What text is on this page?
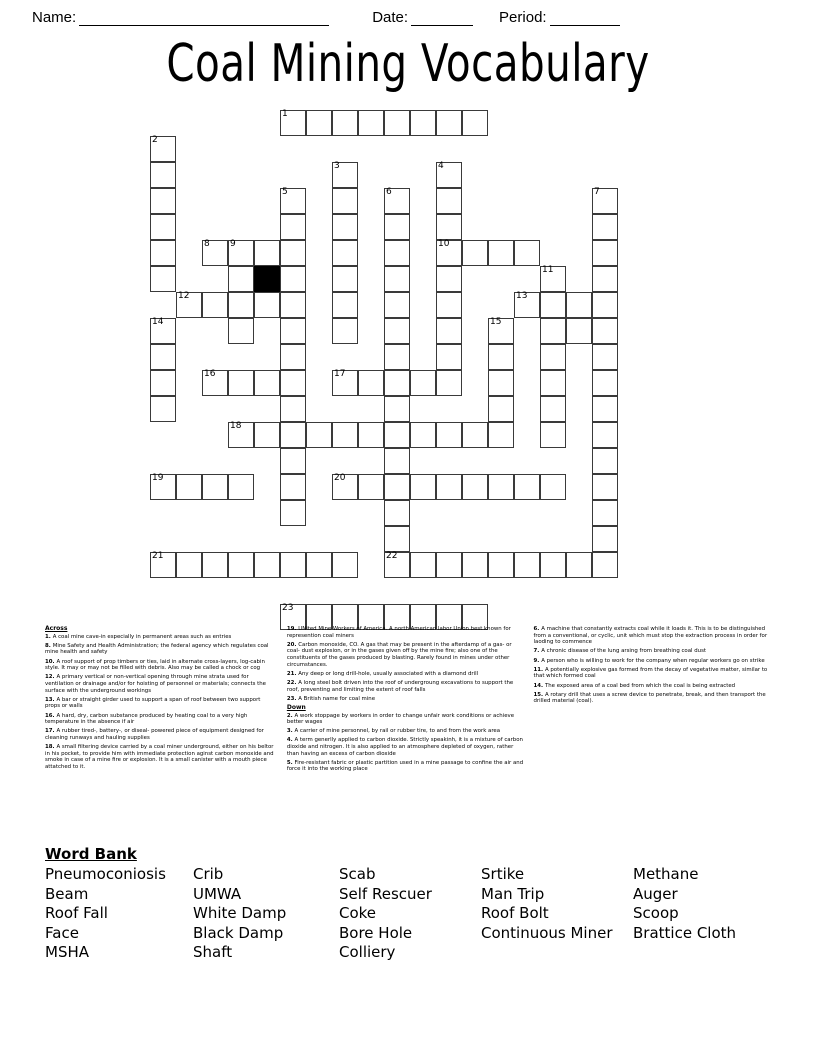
Name:	Date:	Period:
Coal Mining Vocabulary
1
2
3	4
5	6	7
8 9	10
11
12	13
14	15
16	17
18
19	20
21	22
23
Across
1. A coal mine cave-in especially in permanent areas such as entries
8. Mine Safety and Health Administration; the federal agency which regulates coal mine health and safety
10. A roof support of prop timbers or ties, laid in alternate cross-layers, log-cabin style. It may or may not be filled with debris. Also may be called a chock or cog
12. A primary vertical or non-vertical opening through mine strata used for ventilation or drainage and/or for hoisting of personnel or materials; connects the surface with the underground workings
13. A bar or straight girder used to support a span of roof between two support props or walls
16. A hard, dry, carbon substance produced by heating coal to a very high temperature in the absence if air
17. A rubber tired-, battery-, or diseal- powered piece of equipment designed for cleaning runways and hauling supplies
18. A small filtering device carried by a coal miner underground, either on his beltor in his pocket, to provide him with immediate protection aginst carbon monoxide and smoke in case of a mine fire or explosion. It is a small canister with a mouth piece attatched to it.
19. UNited Mine Workers of America. A north American labor Union best known for represention coal miners
20. Carbon monoxide, CO. A gas that may be present in the afterdamp of a gas- or coal- dust explosion, or in the gases given off by the mine fire; also one of the constituents of the gases produced by blasting. Rarely found in mines under other circumstances.
21. Any deep or long drill-hole, usually associated with a diamond drill
22. A long steel bolt driven into the roof of undergroung excavations to support the roof, preventing and limiting the extent of roof falls
23. A British name for coal mine
Down
2. A work stoppage by workers in order to change unfair work conditions or achieve better wages
3. A carrier of mine personnel, by rail or rubber tire, to and from the work area
4. A term generlly applied to carbon dioxide. Strictly speakinh, it is a mixture of carbon dioxide and nitrogen. It is also applied to an atmosphere depleted of oxygen, rather than having an excess of carbon dioxide
5. Fire-resistant fabric or plastic partition used in a mine passage to confine the air and force it into the working place
6. A machine that constantly extracts coal while it loads it. This is to be distinguished from a conventional, or cyclic, unit which must stop the extraction process in order for laoding to commence
7. A chronic disease of the lung arsing from breathing coal dust
9. A person who is willing to work for the company when regular workers go on strike
11. A potentially explosive gas formed from the decay of vegetative matter, similar to that which formed coal
14. The exposed area of a coal bed from which the coal is being extracted
15. A rotary drill that uses a screw device to penetrate, break, and then transport the drilled material (coal).
Word Bank
Pneumoconiosis	Crib	Scab	Srtike	Methane
Beam	UMWA	Self Rescuer	Man Trip	Auger
Roof Fall	White Damp	Coke	Roof Bolt	Scoop
Face	Black Damp	Bore Hole	Continuous Miner	Brattice Cloth
MSHA	Shaft	Colliery
